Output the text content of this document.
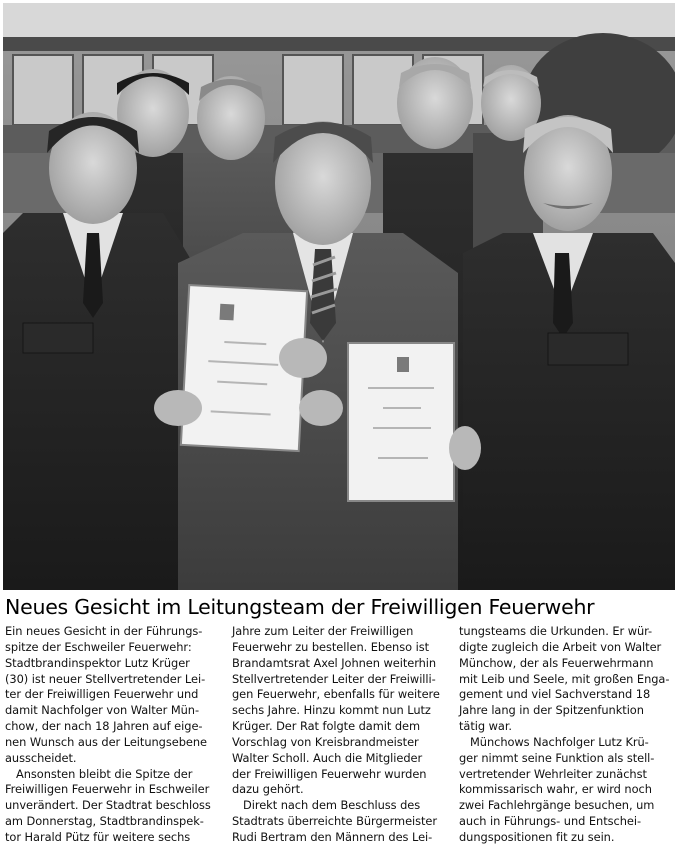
Neues Gesicht im Leitungsteam der Freiwilligen Feuerwehr

Ein neues Gesicht in der Führungs-
spitze der Eschweiler Feuerwehr:
Stadtbrandinspektor Lutz Krüger
(30) ist neuer Stellvertretender Lei-
ter der Freiwilligen Feuerwehr und
damit Nachfolger von Walter Mün-
chow, der nach 18 Jahren auf eige-
nen Wunsch aus der Leitungsebene
ausscheidet.

Ansonsten bleibt die Spitze der
Freiwilligen Feuerwehr in Eschweiler
unverändert. Der Stadtrat beschloss
am Donnerstag, Stadtbrandinspek-
tor Harald Pütz für weitere sechs

Jahre zum Leiter der Freiwilligen
Feuerwehr zu bestellen. Ebenso ist
Brandamtsrat Axel Johnen weiterhin
Stellvertretender Leiter der Freiwilli-
gen Feuerwehr, ebenfalls für weitere
sechs Jahre. Hinzu kommt nun Lutz
Krüger. Der Rat folgte damit dem
Vorschlag von Kreisbrandmeister
Walter Scholl. Auch die Mitglieder
der Freiwilligen Feuerwehr wurden
dazu gehört.

Direkt nach dem Beschluss des
Stadtrats überreichte Bürgermeister
Rudi Bertram den Männern des Lei-

tungsteams die Urkunden. Er wür-
digte zugleich die Arbeit von Walter
Münchow, der als Feuerwehrmann
mit Leib und Seele, mit großen Enga-
gement und viel Sachverstand 18
Jahre lang in der Spitzenfunktion
tätig war.

Münchows Nachfolger Lutz Krü-
ger nimmt seine Funktion als stell-
vertretender Wehrleiter zunächst
kommissarisch wahr, er wird noch
zwei Fachlehrgänge besuchen, um
auch in Führungs- und Entschei-
dungspositionen fit zu sein.
